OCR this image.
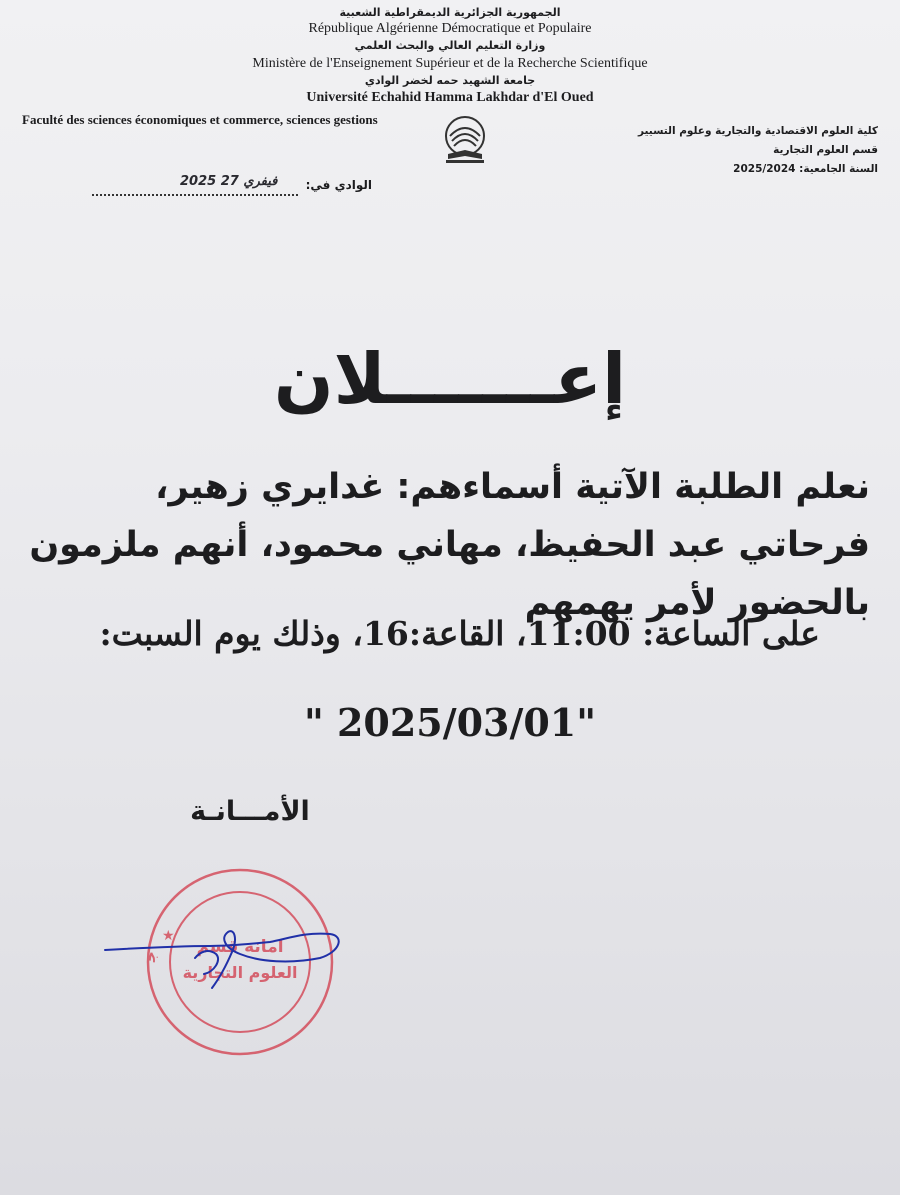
الجمهورية الجزائرية الديمقراطية الشعبية
République Algérienne Démocratique et Populaire
وزارة التعليم العالي والبحث العلمي
Ministère de l'Enseignement Supérieur et de la Recherche Scientifique
جامعة الشهيد حمه لخضر الوادي
Université Echahid Hamma Lakhdar d'El Oued
Faculté des sciences économiques et commerce, sciences gestions
كلية العلوم الاقتصادية والتجارية وعلوم التسيير
قسم العلوم التجارية
السنة الجامعية: 2025/2024
الوادي في:
2025 فيفري 27
إعـــــــلان
نعلم الطلبة الآتية أسماءهم: غدايري زهير، فرحاتي عبد الحفيظ، مهاني محمود، أنهم ملزمون بالحضور لأمر يهمهم
على الساعة: 11:00، القاعة:16، وذلك يوم السبت:
" 2025/03/01"
الأمـــانـة
ج امانة قسم
العلوم التجارية
★
